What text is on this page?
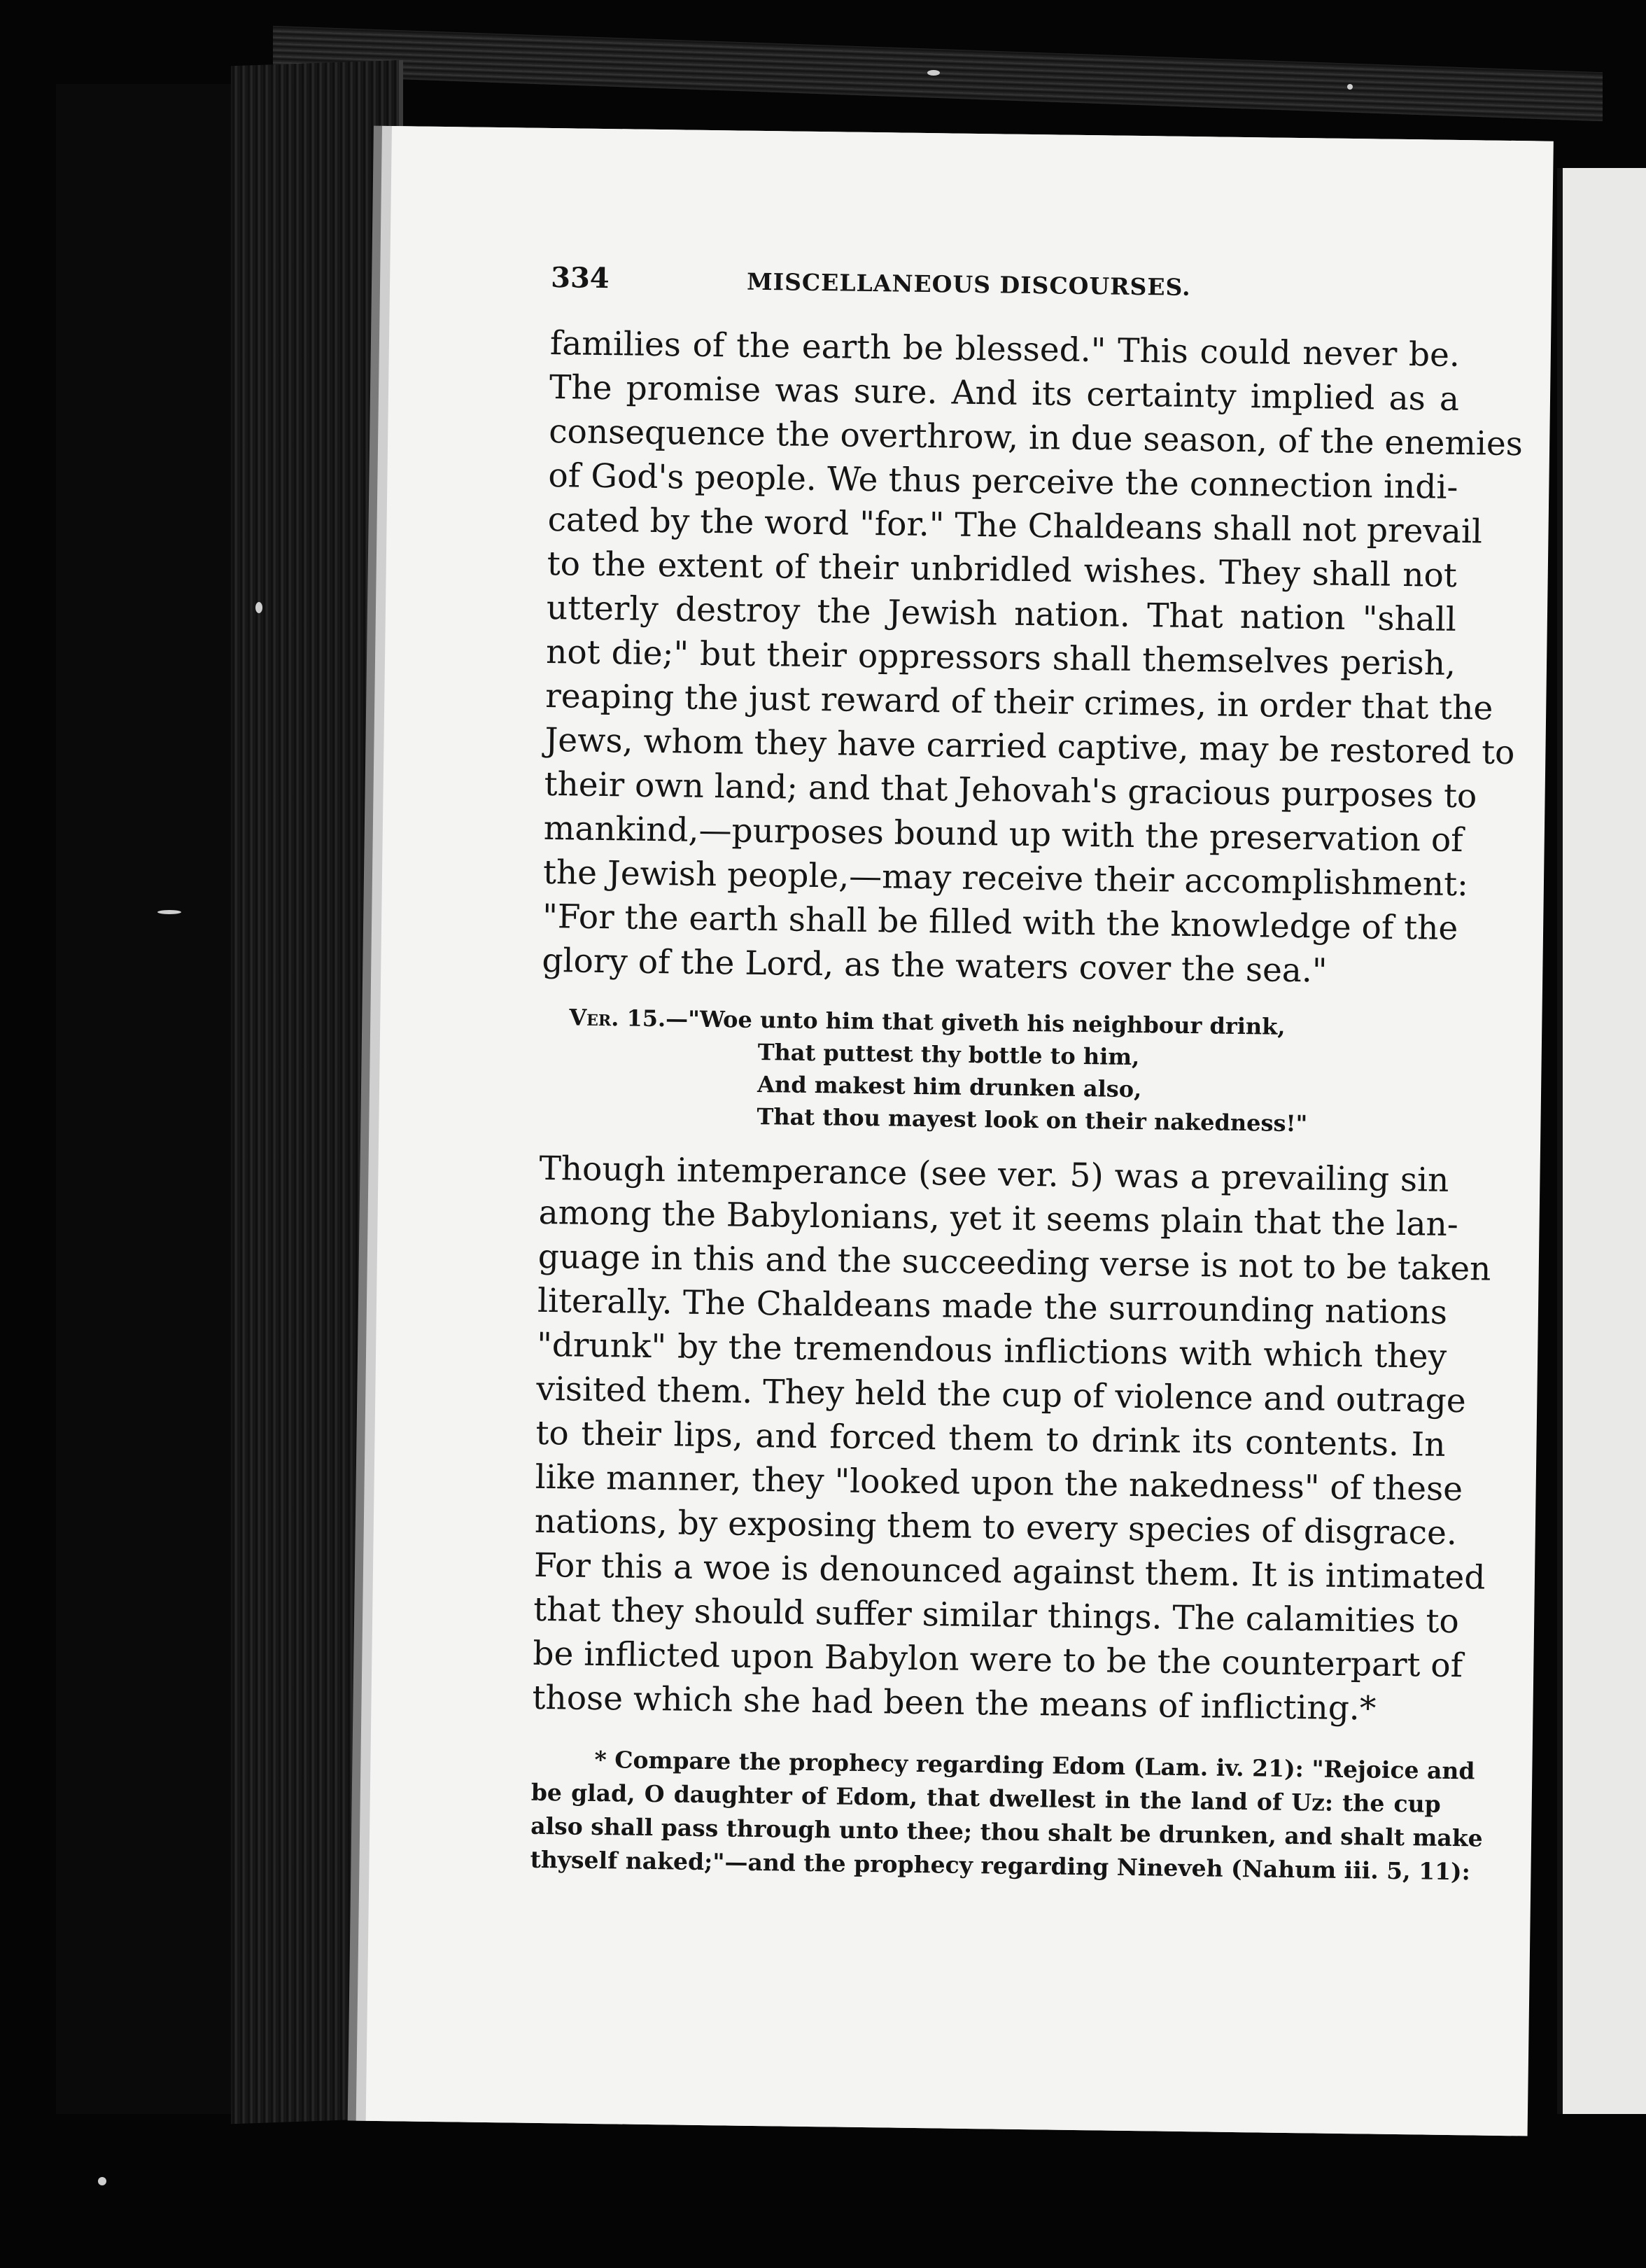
334	MISCELLANEOUS DISCOURSES.

families of the earth be blessed." This could never be.
The promise was sure. And its certainty implied as a
consequence the overthrow, in due season, of the enemies
of God's people. We thus perceive the connection indi-
cated by the word "for." The Chaldeans shall not prevail
to the extent of their unbridled wishes. They shall not
utterly destroy the Jewish nation. That nation "shall
not die;" but their oppressors shall themselves perish,
reaping the just reward of their crimes, in order that the
Jews, whom they have carried captive, may be restored to
their own land; and that Jehovah's gracious purposes to
mankind,—purposes bound up with the preservation of
the Jewish people,—may receive their accomplishment:
"For the earth shall be filled with the knowledge of the
glory of the Lord, as the waters cover the sea."

Ver. 15.—"Woe unto him that giveth his neighbour drink,
That puttest thy bottle to him,
And makest him drunken also,
That thou mayest look on their nakedness!"

Though intemperance (see ver. 5) was a prevailing sin
among the Babylonians, yet it seems plain that the lan-
guage in this and the succeeding verse is not to be taken
literally. The Chaldeans made the surrounding nations
"drunk" by the tremendous inflictions with which they
visited them. They held the cup of violence and outrage
to their lips, and forced them to drink its contents. In
like manner, they "looked upon the nakedness" of these
nations, by exposing them to every species of disgrace.
For this a woe is denounced against them. It is intimated
that they should suffer similar things. The calamities to
be inflicted upon Babylon were to be the counterpart of
those which she had been the means of inflicting.*

* Compare the prophecy regarding Edom (Lam. iv. 21): "Rejoice and
be glad, O daughter of Edom, that dwellest in the land of Uz: the cup
also shall pass through unto thee; thou shalt be drunken, and shalt make
thyself naked;"—and the prophecy regarding Nineveh (Nahum iii. 5, 11):
